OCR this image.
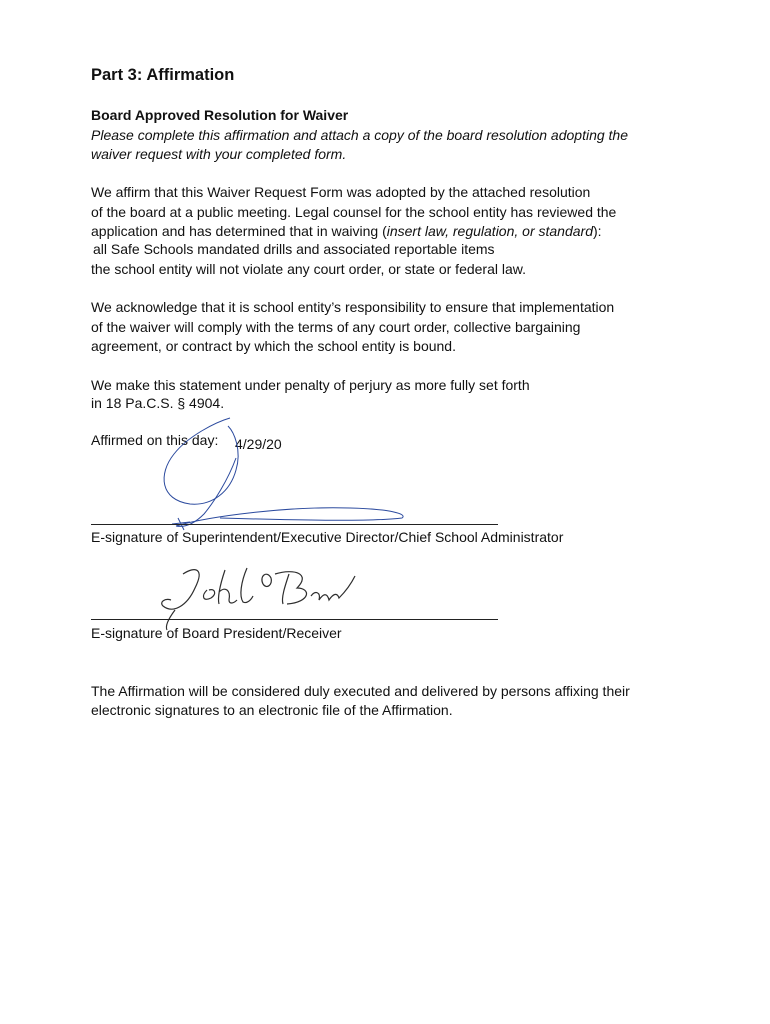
Part 3: Affirmation
Board Approved Resolution for Waiver
Please complete this affirmation and attach a copy of the board resolution adopting the
waiver request with your completed form.
We affirm that this Waiver Request Form was adopted by the attached resolution
of the board at a public meeting. Legal counsel for the school entity has reviewed the
application and has determined that in waiving (insert law, regulation, or standard):
all Safe Schools mandated drills and associated reportable items
the school entity will not violate any court order, or state or federal law.
We acknowledge that it is school entity’s responsibility to ensure that implementation
of the waiver will comply with the terms of any court order, collective bargaining
agreement, or contract by which the school entity is bound.
We make this statement under penalty of perjury as more fully set forth
in 18 Pa.C.S. § 4904.
Affirmed on this day: 4/29/20
E-signature of Superintendent/Executive Director/Chief School Administrator
E-signature of Board President/Receiver
The Affirmation will be considered duly executed and delivered by persons affixing their
electronic signatures to an electronic file of the Affirmation.
